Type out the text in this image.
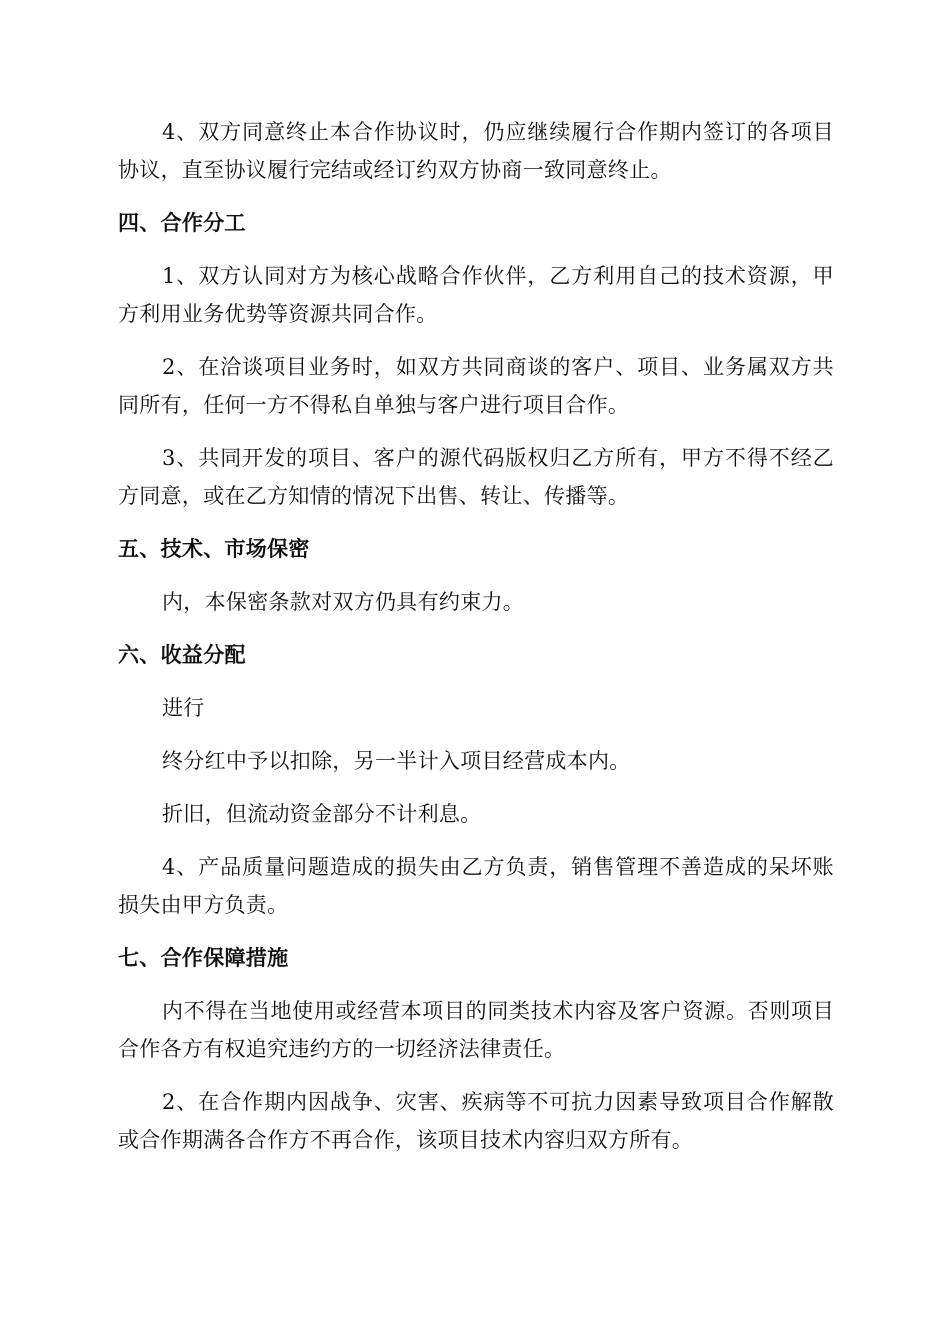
4、双方同意终止本合作协议时，仍应继续履行合作期内签订的各项目协议，直至协议履行完结或经订约双方协商一致同意终止。

四、合作分工

1、双方认同对方为核心战略合作伙伴，乙方利用自己的技术资源，甲方利用业务优势等资源共同合作。

2、在洽谈项目业务时，如双方共同商谈的客户、项目、业务属双方共同所有，任何一方不得私自单独与客户进行项目合作。

3、共同开发的项目、客户的源代码版权归乙方所有，甲方不得不经乙方同意，或在乙方知情的情况下出售、转让、传播等。

五、技术、市场保密

内，本保密条款对双方仍具有约束力。

六、收益分配

进行

终分红中予以扣除，另一半计入项目经营成本内。

折旧，但流动资金部分不计利息。

4、产品质量问题造成的损失由乙方负责，销售管理不善造成的呆坏账损失由甲方负责。

七、合作保障措施

内不得在当地使用或经营本项目的同类技术内容及客户资源。否则项目合作各方有权追究违约方的一切经济法律责任。

2、在合作期内因战争、灾害、疾病等不可抗力因素导致项目合作解散或合作期满各合作方不再合作，该项目技术内容归双方所有。
